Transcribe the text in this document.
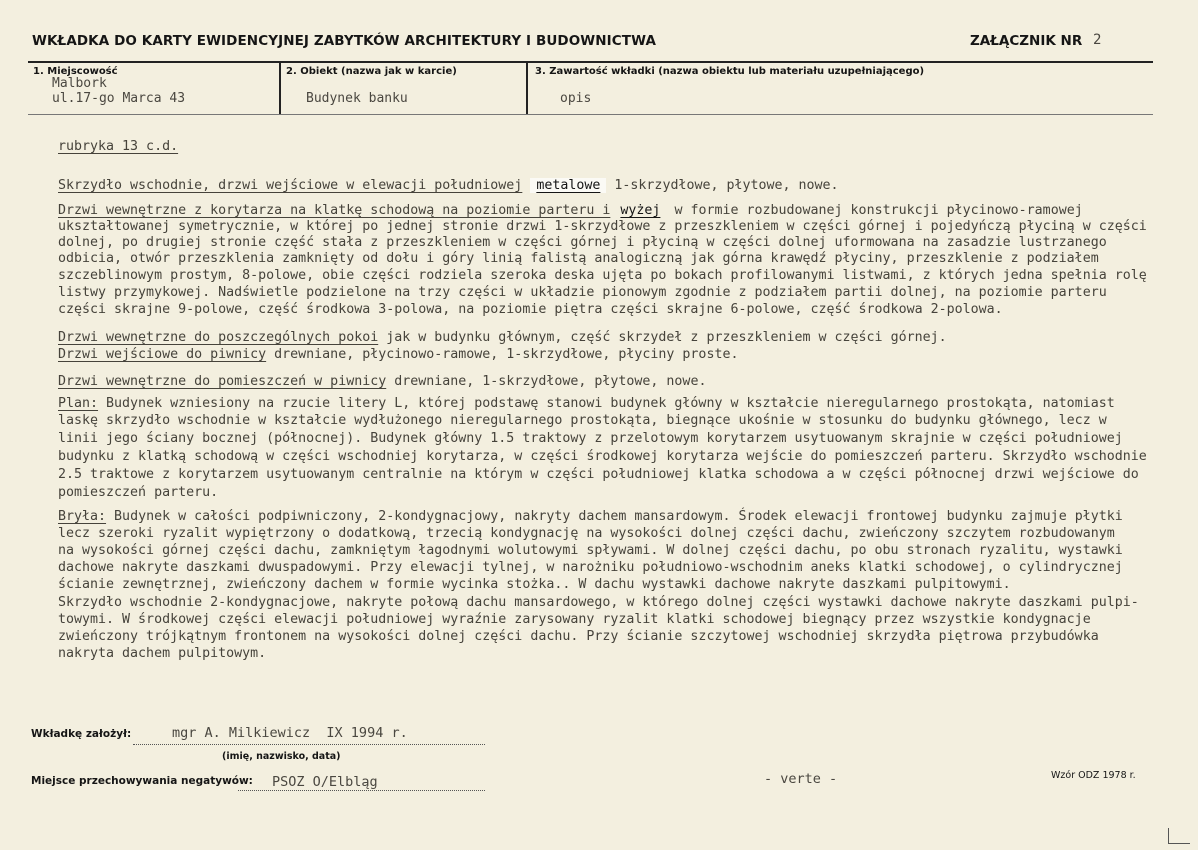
WKŁADKA DO KARTY EWIDENCYJNEJ ZABYTKÓW ARCHITEKTURY I BUDOWNICTWA	ZAŁĄCZNIK NR 2
1. Miejscowość
Malbork
ul.17-go Marca 43
2. Obiekt (nazwa jak w karcie)
Budynek banku
3. Zawartość wkładki (nazwa obiektu lub materiału uzupełniającego)
opis
rubryka 13 c.d.
Skrzydło wschodnie, drzwi wejściowe w elewacji południowej metalowe 1-skrzydłowe, płytowe, nowe.
Drzwi wewnętrzne z korytarza na klatkę schodową na poziomie parteru i wyżej w formie rozbudowanej konstrukcji płycinowo-ramowej
ukształtowanej symetrycznie, w której po jednej stronie drzwi 1-skrzydłowe z przeszkleniem w części górnej i pojedyńczą płyciną w części
dolnej, po drugiej stronie część stała z przeszkleniem w części górnej i płyciną w części dolnej uformowana na zasadzie lustrzanego
odbicia, otwór przeszklenia zamknięty od dołu i góry linią falistą analogiczną jak górna krawędź płyciny, przeszklenie z podziałem
szczeblinowym prostym, 8-polowe, obie części rodziela szeroka deska ujęta po bokach profilowanymi listwami, z których jedna spełnia rolę
listwy przymykowej. Nadświetle podzielone na trzy części w układzie pionowym zgodnie z podziałem partii dolnej, na poziomie parteru
części skrajne 9-polowe, część środkowa 3-polowa, na poziomie piętra części skrajne 6-polowe, część środkowa 2-polowa.
Drzwi wewnętrzne do poszczególnych pokoi jak w budynku głównym, część skrzydeł z przeszkleniem w części górnej.
Drzwi wejściowe do piwnicy drewniane, płycinowo-ramowe, 1-skrzydłowe, płyciny proste.
Drzwi wewnętrzne do pomieszczeń w piwnicy drewniane, 1-skrzydłowe, płytowe, nowe.
Plan: Budynek wzniesiony na rzucie litery L, której podstawę stanowi budynek główny w kształcie nieregularnego prostokąta, natomiast
laskę skrzydło wschodnie w kształcie wydłużonego nieregularnego prostokąta, biegnące ukośnie w stosunku do budynku głównego, lecz w
linii jego ściany bocznej (północnej). Budynek główny 1.5 traktowy z przelotowym korytarzem usytuowanym skrajnie w części południowej
budynku z klatką schodową w części wschodniej korytarza, w części środkowej korytarza wejście do pomieszczeń parteru. Skrzydło wschodnie
2.5 traktowe z korytarzem usytuowanym centralnie na którym w części południowej klatka schodowa a w części północnej drzwi wejściowe do
pomieszczeń parteru.
Bryła: Budynek w całości podpiwniczony, 2-kondygnacjowy, nakryty dachem mansardowym. Środek elewacji frontowej budynku zajmuje płytki
lecz szeroki ryzalit wypiętrzony o dodatkową, trzecią kondygnację na wysokości dolnej części dachu, zwieńczony szczytem rozbudowanym
na wysokości górnej części dachu, zamkniętym łagodnymi wolutowymi spływami. W dolnej części dachu, po obu stronach ryzalitu, wystawki
dachowe nakryte daszkami dwuspadowymi. Przy elewacji tylnej, w narożniku południowo-wschodnim aneks klatki schodowej, o cylindrycznej
ścianie zewnętrznej, zwieńczony dachem w formie wycinka stożka.. W dachu wystawki dachowe nakryte daszkami pulpitowymi.
Skrzydło wschodnie 2-kondygnacjowe, nakryte połową dachu mansardowego, w którego dolnej części wystawki dachowe nakryte daszkami pulpi-
towymi. W środkowej części elewacji południowej wyraźnie zarysowany ryzalit klatki schodowej biegnący przez wszystkie kondygnacje
zwieńczony trójkątnym frontonem na wysokości dolnej części dachu. Przy ścianie szczytowej wschodniej skrzydła piętrowa przybudówka
nakryta dachem pulpitowym.
Wkładkę założył:	mgr A. Milkiewicz  IX 1994 r.
(imię, nazwisko, data)
Miejsce przechowywania negatywów: PSOZ O/Elbląg	- verte -	Wzór ODZ 1978 r.
